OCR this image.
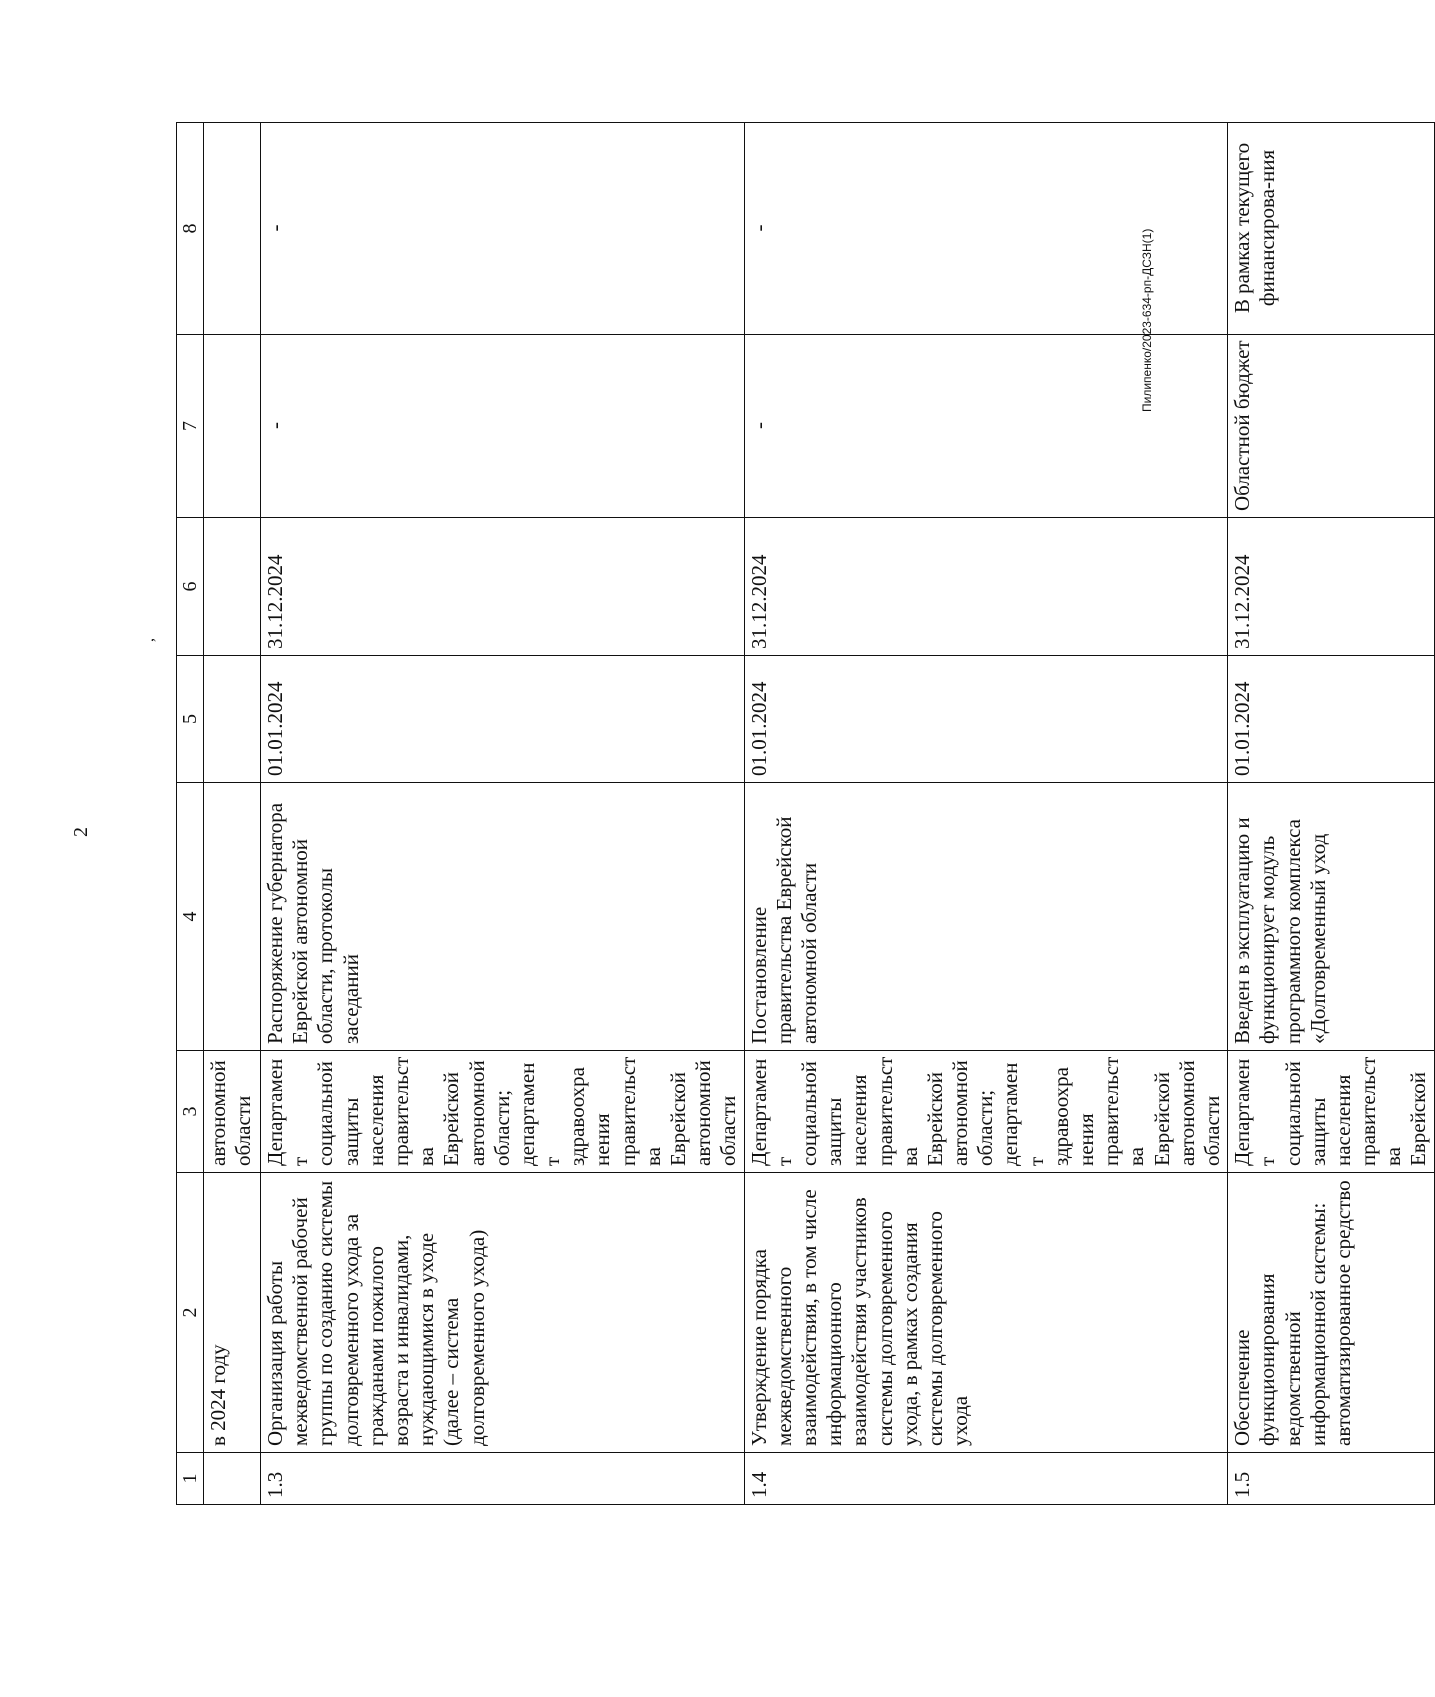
2
,
1	2	3	4	5	6	7	8
	в 2024 году	автономной области					
1.3	Организация работы межведомственной рабочей группы по созданию системы долговременного ухода за гражданами пожилого возраста и инвалидами, нуждающимися в уходе (далее – система долговременного ухода)	Департамент социальной защиты населения правительства Еврейской автономной области; департамент здравоохранения правительства Еврейской автономной области	Распоряжение губернатора Еврейской автономной области, протоколы заседаний	01.01.2024	31.12.2024	-	-
1.4	Утверждение порядка межведомственного взаимодействия, в том числе информационного взаимодействия участников системы долговременного ухода, в рамках создания системы долговременного ухода	Департамент социальной защиты населения правительства Еврейской автономной области; департамент здравоохранения правительства Еврейской автономной области	Постановление правительства Еврейской автономной области	01.01.2024	31.12.2024	-	-
1.5	Обеспечение функционирования ведомственной информационной системы: автоматизированное средство	Департамент социальной защиты населения правительства Еврейской	Введен в эксплуатацию и функционирует модуль программного комплекса «Долговременный уход	01.01.2024	31.12.2024	Областной бюджет	В рамках текущего финансирова-ния
Пилипенко/2023-634-рп-ДСЗН(1)
